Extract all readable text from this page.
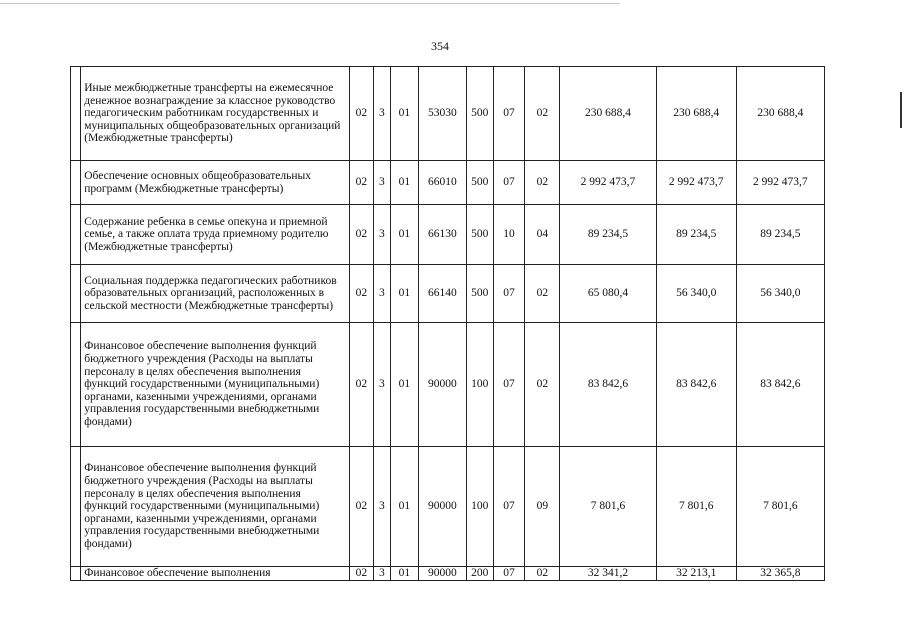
354
	Иные межбюджетные трансферты на ежемесячное денежное вознаграждение за классное руководство педагогическим работникам государственных и муниципальных общеобразовательных организаций (Межбюджетные трансферты)	02	3	01	53030	500	07	02	230 688,4	230 688,4	230 688,4
	Обеспечение основных общеобразовательных программ (Межбюджетные трансферты)	02	3	01	66010	500	07	02	2 992 473,7	2 992 473,7	2 992 473,7
	Содержание ребенка в семье опекуна и приемной семье, а также оплата труда приемному родителю (Межбюджетные трансферты)	02	3	01	66130	500	10	04	89 234,5	89 234,5	89 234,5
	Социальная поддержка педагогических работников образовательных организаций, расположенных в сельской местности (Межбюджетные трансферты)	02	3	01	66140	500	07	02	65 080,4	56 340,0	56 340,0
	Финансовое обеспечение выполнения функций бюджетного учреждения (Расходы на выплаты персоналу в целях обеспечения выполнения функций государственными (муниципальными) органами, казенными учреждениями, органами управления государственными внебюджетными фондами)	02	3	01	90000	100	07	02	83 842,6	83 842,6	83 842,6
	Финансовое обеспечение выполнения функций бюджетного учреждения (Расходы на выплаты персоналу в целях обеспечения выполнения функций государственными (муниципальными) органами, казенными учреждениями, органами управления государственными внебюджетными фондами)	02	3	01	90000	100	07	09	7 801,6	7 801,6	7 801,6
	Финансовое обеспечение выполнения	02	3	01	90000	200	07	02	32 341,2	32 213,1	32 365,8
